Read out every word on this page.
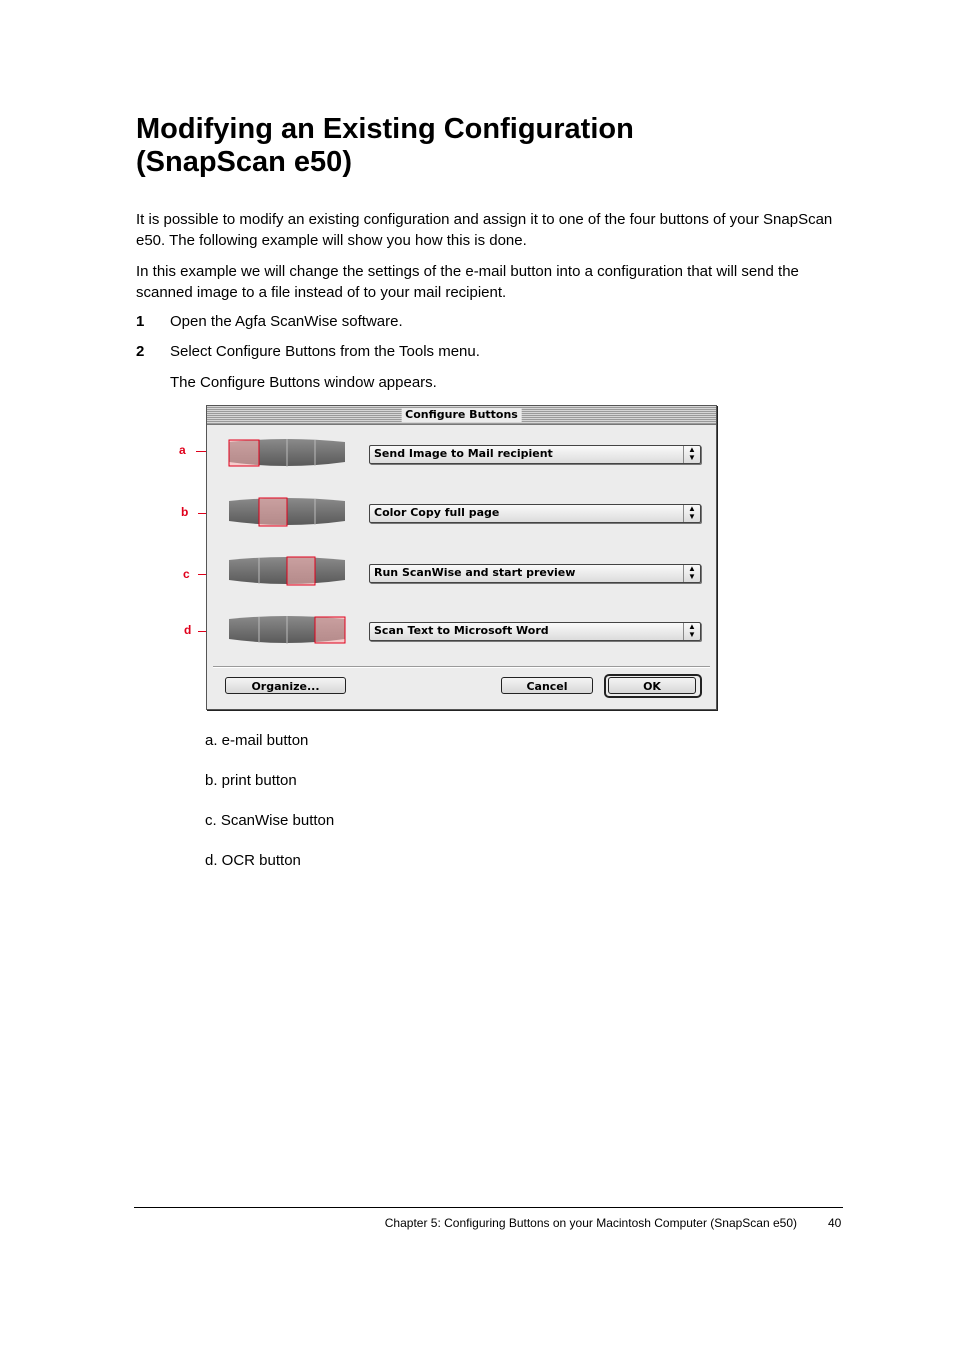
Modifying an Existing Configuration
(SnapScan e50)

It is possible to modify an existing configuration and assign it to one of the four buttons of your SnapScan e50. The following example will show you how this is done.

In this example we will change the settings of the e-mail button into a configuration that will send the scanned image to a file instead of to your mail recipient.

1 Open the Agfa ScanWise software.
2 Select Configure Buttons from the Tools menu.
The Configure Buttons window appears.
a
b
c
d
Configure Buttons
Send Image to Mail recipient	▲
▼
Color Copy full page	▲
▼
Run ScanWise and start preview	▲
▼
Scan Text to Microsoft Word	▲
▼
Organize...	Cancel	OK
a. e-mail button
b. print button
c. ScanWise button
d. OCR button
Chapter 5: Configuring Buttons on your Macintosh Computer (SnapScan e50)	40
